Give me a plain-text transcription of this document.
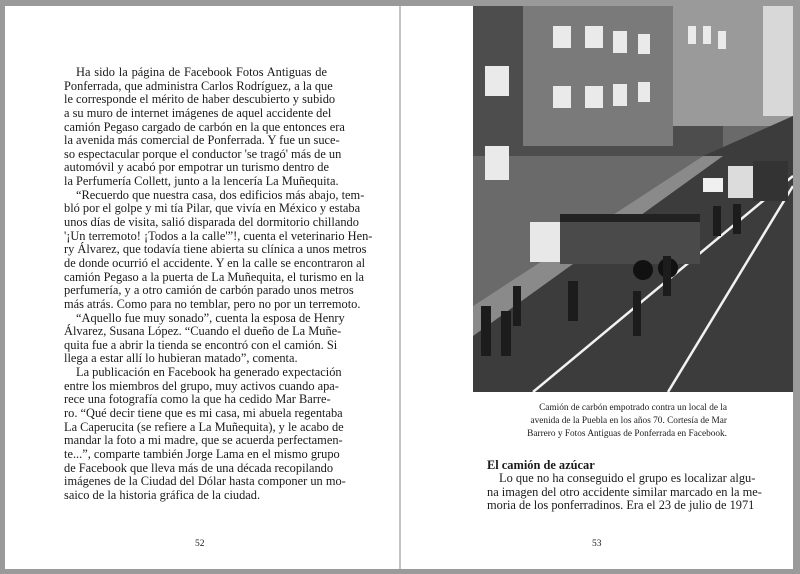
Ha sido la página de Facebook Fotos Antiguas de
Ponferrada, que administra Carlos Rodríguez, a la que
le corresponde el mérito de haber descubierto y subido
a su muro de internet imágenes de aquel accidente del
camión Pegaso cargado de carbón en la que entonces era
la avenida más comercial de Ponferrada. Y fue un suce-
so espectacular porque el conductor 'se tragó' más de un
automóvil y acabó por empotrar un turismo dentro de
la Perfumería Collett, junto a la lencería La Muñequita.
“Recuerdo que nuestra casa, dos edificios más abajo, tem-
bló por el golpe y mi tía Pilar, que vivía en México y estaba
unos días de visita, salió disparada del dormitorio chillando
'¡Un terremoto! ¡Todos a la calle'”!, cuenta el veterinario Hen-
ry Álvarez, que todavía tiene abierta su clínica a unos metros
de donde ocurrió el accidente. Y en la calle se encontraron al
camión Pegaso a la puerta de La Muñequita, el turismo en la
perfumería, y a otro camión de carbón parado unos metros
más atrás. Como para no temblar, pero no por un terremoto.
“Aquello fue muy sonado”, cuenta la esposa de Henry
Álvarez, Susana López. “Cuando el dueño de La Muñe-
quita fue a abrir la tienda se encontró con el camión. Si
llega a estar allí lo hubieran matado”, comenta.
La publicación en Facebook ha generado expectación
entre los miembros del grupo, muy activos cuando apa-
rece una fotografía como la que ha cedido Mar Barre-
ro. “Qué decir tiene que es mi casa, mi abuela regentaba
La Caperucita (se refiere a La Muñequita), y le acabo de
mandar la foto a mi madre, que se acuerda perfectamen-
te...”, comparte también Jorge Lama en el mismo grupo
de Facebook que lleva más de una década recopilando
imágenes de la Ciudad del Dólar hasta componer un mo-
saico de la historia gráfica de la ciudad.
52
Camión de carbón empotrado contra un local de la
avenida de la Puebla en los años 70. Cortesía de Mar
Barrero y Fotos Antiguas de Ponferrada en Facebook.
El camión de azúcar
Lo que no ha conseguido el grupo es localizar algu-
na imagen del otro accidente similar marcado en la me-
moria de los ponferradinos. Era el 23 de julio de 1971
53
